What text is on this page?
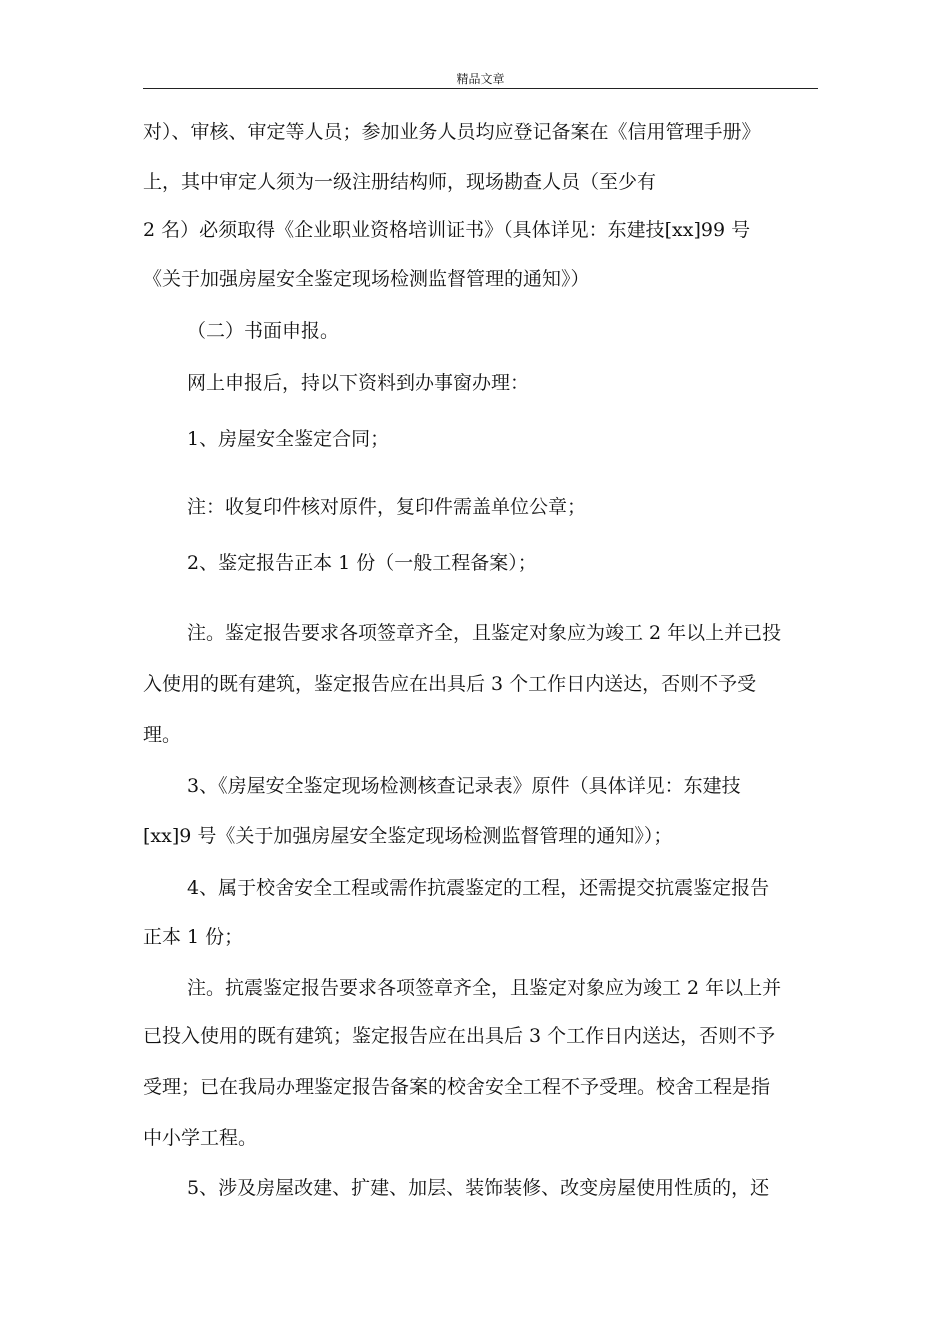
精品文章
对）、审核、审定等人员；参加业务人员均应登记备案在《信用管理手册》
上，其中审定人须为一级注册结构师，现场勘查人员（至少有
2 名）必须取得《企业职业资格培训证书》（具体详见：东建技[xx]99 号
《关于加强房屋安全鉴定现场检测监督管理的通知》）
（二）书面申报。
网上申报后，持以下资料到办事窗办理：
1、房屋安全鉴定合同；
注：收复印件核对原件，复印件需盖单位公章；
2、鉴定报告正本 1 份（一般工程备案）；
注。鉴定报告要求各项签章齐全，且鉴定对象应为竣工 2 年以上并已投
入使用的既有建筑，鉴定报告应在出具后 3 个工作日内送达，否则不予受
理。
3、《房屋安全鉴定现场检测核查记录表》原件（具体详见：东建技
[xx]9 号《关于加强房屋安全鉴定现场检测监督管理的通知》）；
4、属于校舍安全工程或需作抗震鉴定的工程，还需提交抗震鉴定报告
正本 1 份；
注。抗震鉴定报告要求各项签章齐全，且鉴定对象应为竣工 2 年以上并
已投入使用的既有建筑；鉴定报告应在出具后 3 个工作日内送达，否则不予
受理；已在我局办理鉴定报告备案的校舍安全工程不予受理。校舍工程是指
中小学工程。
5、涉及房屋改建、扩建、加层、装饰装修、改变房屋使用性质的，还
